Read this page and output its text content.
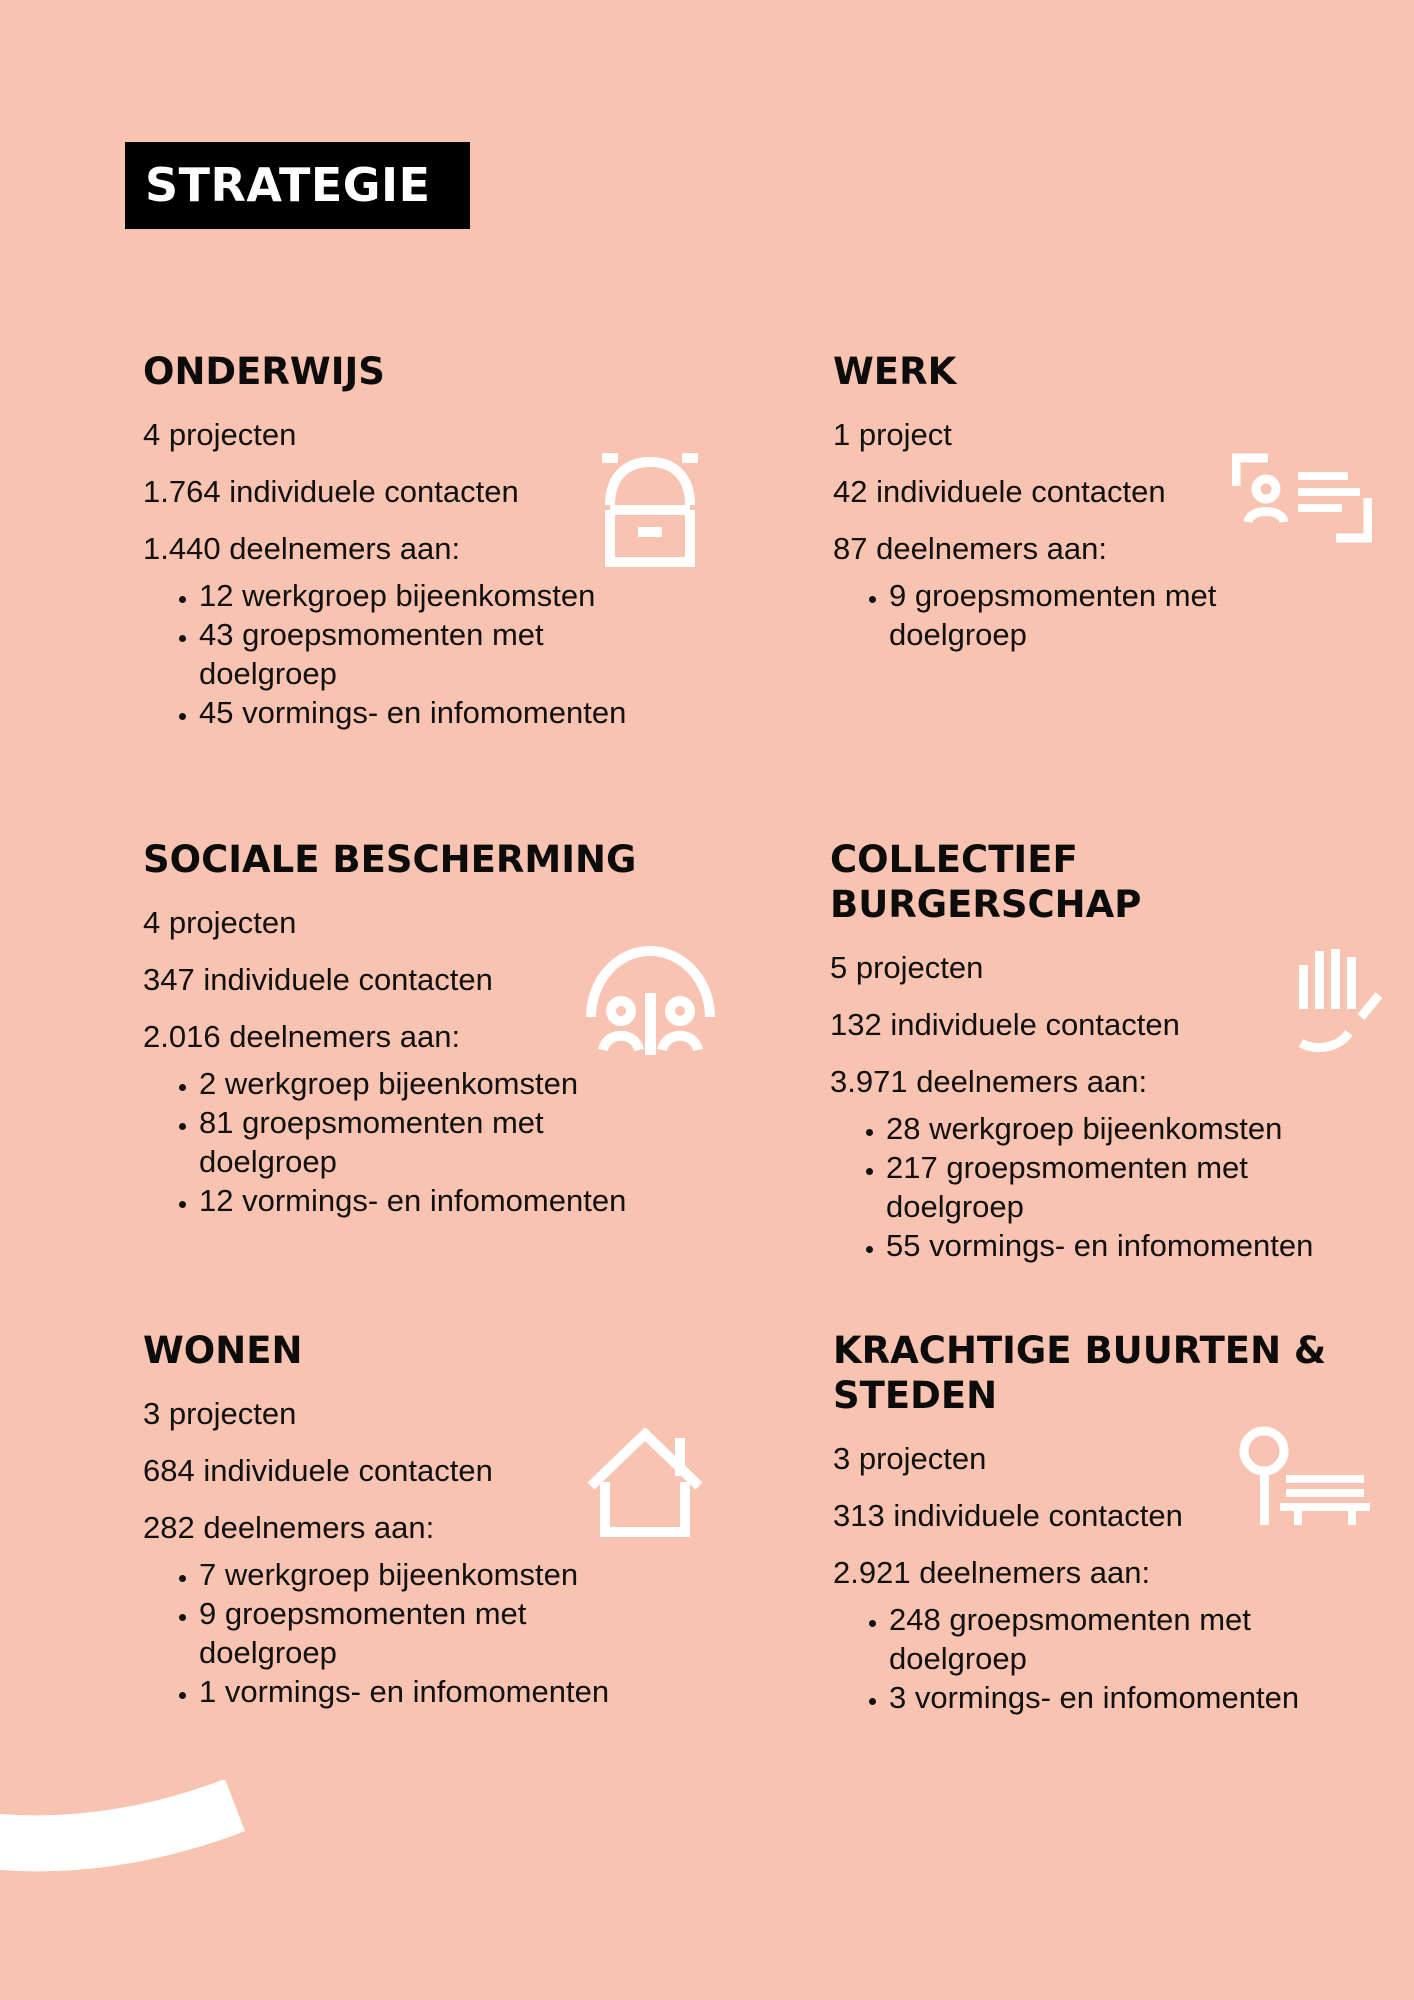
STRATEGIE
ONDERWIJS

4 projecten

1.764 individuele contacten

1.440 deelnemers aan:

• 12 werkgroep bijeenkomsten
• 43 groepsmomenten met doelgroep
• 45 vormings- en infomomenten
WERK

1 project

42 individuele contacten

87 deelnemers aan:

• 9 groepsmomenten met doelgroep
SOCIALE BESCHERMING

4 projecten

347 individuele contacten

2.016 deelnemers aan:

• 2 werkgroep bijeenkomsten
• 81 groepsmomenten met doelgroep
• 12 vormings- en infomomenten
COLLECTIEF BURGERSCHAP

5 projecten

132 individuele contacten

3.971 deelnemers aan:

• 28 werkgroep bijeenkomsten
• 217 groepsmomenten met doelgroep
• 55 vormings- en infomomenten
WONEN

3 projecten

684 individuele contacten

282 deelnemers aan:

• 7 werkgroep bijeenkomsten
• 9 groepsmomenten met doelgroep
• 1 vormings- en infomomenten
KRACHTIGE BUURTEN & STEDEN

3 projecten

313 individuele contacten

2.921 deelnemers aan:

• 248 groepsmomenten met doelgroep
• 3 vormings- en infomomenten
